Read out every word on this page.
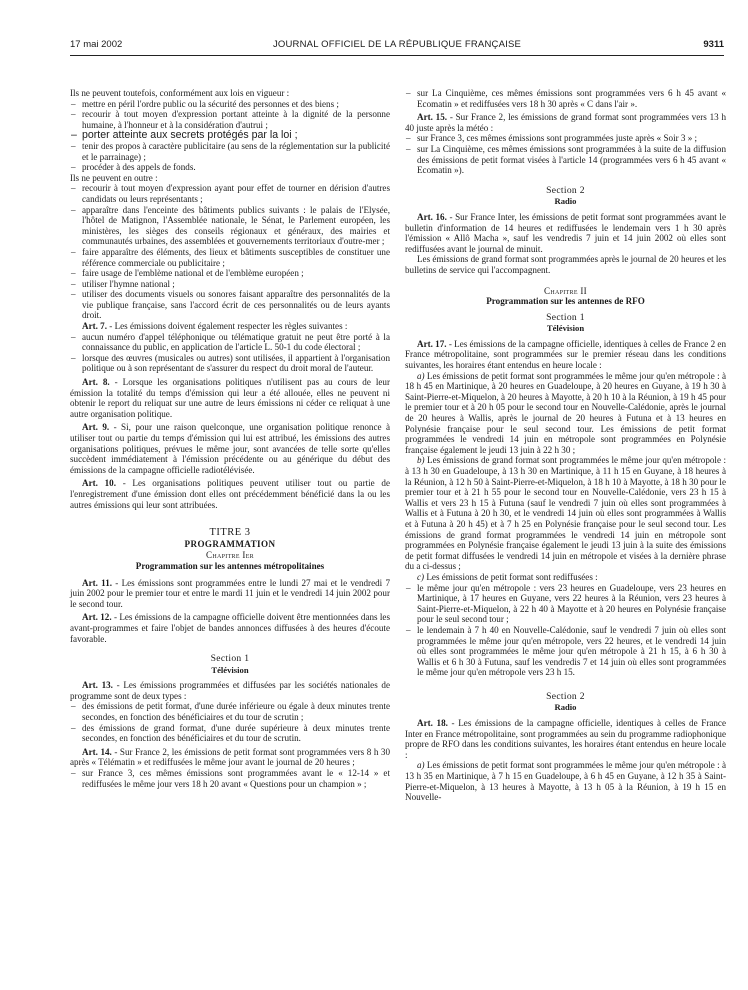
17 mai 2002	JOURNAL OFFICIEL DE LA RÉPUBLIQUE FRANÇAISE	9311

Ils ne peuvent toutefois, conformément aux lois en vigueur :

– mettre en péril l'ordre public ou la sécurité des personnes et des biens ;
– recourir à tout moyen d'expression portant atteinte à la dignité de la personne humaine, à l'honneur et à la considération d'autrui ;
– porter atteinte aux secrets protégés par la loi ;
– tenir des propos à caractère publicitaire (au sens de la réglementation sur la publicité et le parrainage) ;
– procéder à des appels de fonds.

Ils ne peuvent en outre :

– recourir à tout moyen d'expression ayant pour effet de tourner en dérision d'autres candidats ou leurs représentants ;
– apparaître dans l'enceinte des bâtiments publics suivants : le palais de l'Elysée, l'hôtel de Matignon, l'Assemblée nationale, le Sénat, le Parlement européen, les ministères, les sièges des conseils régionaux et généraux, des mairies et communautés urbaines, des assemblées et gouvernements territoriaux d'outre-mer ;
– faire apparaître des éléments, des lieux et bâtiments susceptibles de constituer une référence commerciale ou publicitaire ;
– faire usage de l'emblème national et de l'emblème européen ;
– utiliser l'hymne national ;
– utiliser des documents visuels ou sonores faisant apparaître des personnalités de la vie publique française, sans l'accord écrit de ces personnalités ou de leurs ayants droit.

Art. 7. - Les émissions doivent également respecter les règles suivantes :

– aucun numéro d'appel téléphonique ou télématique gratuit ne peut être porté à la connaissance du public, en application de l'article L. 50-1 du code électoral ;
– lorsque des œuvres (musicales ou autres) sont utilisées, il appartient à l'organisation politique ou à son représentant de s'assurer du respect du droit moral de l'auteur.

Art. 8. - Lorsque les organisations politiques n'utilisent pas au cours de leur émission la totalité du temps d'émission qui leur a été allouée, elles ne peuvent ni obtenir le report du reliquat sur une autre de leurs émissions ni céder ce reliquat à une autre organisation politique.

Art. 9. - Si, pour une raison quelconque, une organisation politique renonce à utiliser tout ou partie du temps d'émission qui lui est attribué, les émissions des autres organisations politiques, prévues le même jour, sont avancées de telle sorte qu'elles succèdent immédiatement à l'émission précédente ou au générique du début des émissions de la campagne officielle radiotélévisée.

Art. 10. - Les organisations politiques peuvent utiliser tout ou partie de l'enregistrement d'une émission dont elles ont précédemment bénéficié dans la ou les autres émissions qui leur sont attribuées.

TITRE 3

PROGRAMMATION

Chapitre Ier

Programmation sur les antennes métropolitaines

Art. 11. - Les émissions sont programmées entre le lundi 27 mai et le vendredi 7 juin 2002 pour le premier tour et entre le mardi 11 juin et le vendredi 14 juin 2002 pour le second tour.

Art. 12. - Les émissions de la campagne officielle doivent être mentionnées dans les avant-programmes et faire l'objet de bandes annonces diffusées à des heures d'écoute favorable.

Section 1

Télévision

Art. 13. - Les émissions programmées et diffusées par les sociétés nationales de programme sont de deux types :

– des émissions de petit format, d'une durée inférieure ou égale à deux minutes trente secondes, en fonction des bénéficiaires et du tour de scrutin ;
– des émissions de grand format, d'une durée supérieure à deux minutes trente secondes, en fonction des bénéficiaires et du tour de scrutin.

Art. 14. - Sur France 2, les émissions de petit format sont programmées vers 8 h 30 après « Télématin » et rediffusées le même jour avant le journal de 20 heures ;

– sur France 3, ces mêmes émissions sont programmées avant le « 12-14 » et rediffusées le même jour vers 18 h 20 avant « Questions pour un champion » ;
– sur La Cinquième, ces mêmes émissions sont programmées vers 6 h 45 avant « Ecomatin » et rediffusées vers 18 h 30 après « C dans l'air ».

Art. 15. - Sur France 2, les émissions de grand format sont programmées vers 13 h 40 juste après la météo :

– sur France 3, ces mêmes émissions sont programmées juste après « Soir 3 » ;
– sur La Cinquième, ces mêmes émissions sont programmées à la suite de la diffusion des émissions de petit format visées à l'article 14 (programmées vers 6 h 45 avant « Ecomatin »).

Section 2

Radio

Art. 16. - Sur France Inter, les émissions de petit format sont programmées avant le bulletin d'information de 14 heures et rediffusées le lendemain vers 1 h 30 après l'émission « Allô Macha », sauf les vendredis 7 juin et 14 juin 2002 où elles sont rediffusées avant le journal de minuit.

Les émissions de grand format sont programmées après le journal de 20 heures et les bulletins de service qui l'accompagnent.

Chapitre II

Programmation sur les antennes de RFO

Section 1

Télévision

Art. 17. - Les émissions de la campagne officielle, identiques à celles de France 2 en France métropolitaine, sont programmées sur le premier réseau dans les conditions suivantes, les horaires étant entendus en heure locale :

a) Les émissions de petit format sont programmées le même jour qu'en métropole : à 18 h 45 en Martinique, à 20 heures en Guadeloupe, à 20 heures en Guyane, à 19 h 30 à Saint-Pierre-et-Miquelon, à 20 heures à Mayotte, à 20 h 10 à la Réunion, à 19 h 45 pour le premier tour et à 20 h 05 pour le second tour en Nouvelle-Calédonie, après le journal de 20 heures à Wallis, après le journal de 20 heures à Futuna et à 13 heures en Polynésie française pour le seul second tour. Les émissions de petit format programmées le vendredi 14 juin en métropole sont programmées en Polynésie française également le jeudi 13 juin à 22 h 30 ;

b) Les émissions de grand format sont programmées le même jour qu'en métropole : à 13 h 30 en Guadeloupe, à 13 h 30 en Martinique, à 11 h 15 en Guyane, à 18 heures à la Réunion, à 12 h 50 à Saint-Pierre-et-Miquelon, à 18 h 10 à Mayotte, à 18 h 30 pour le premier tour et à 21 h 55 pour le second tour en Nouvelle-Calédonie, vers 23 h 15 à Wallis et vers 23 h 15 à Futuna (sauf le vendredi 7 juin où elles sont programmées à Wallis et à Futuna à 20 h 30, et le vendredi 14 juin où elles sont programmées à Wallis et à Futuna à 20 h 45) et à 7 h 25 en Polynésie française pour le seul second tour. Les émissions de grand format programmées le vendredi 14 juin en métropole sont programmées en Polynésie française également le jeudi 13 juin à la suite des émissions de petit format diffusées le vendredi 14 juin en métropole et visées à la dernière phrase du a ci-dessus ;

c) Les émissions de petit format sont rediffusées :

– le même jour qu'en métropole : vers 23 heures en Guadeloupe, vers 23 heures en Martinique, à 17 heures en Guyane, vers 22 heures à la Réunion, vers 23 heures à Saint-Pierre-et-Miquelon, à 22 h 40 à Mayotte et à 20 heures en Polynésie française pour le seul second tour ;
– le lendemain à 7 h 40 en Nouvelle-Calédonie, sauf le vendredi 7 juin où elles sont programmées le même jour qu'en métropole, vers 22 heures, et le vendredi 14 juin où elles sont programmées le même jour qu'en métropole à 21 h 15, à 6 h 30 à Wallis et 6 h 30 à Futuna, sauf les vendredis 7 et 14 juin où elles sont programmées le même jour qu'en métropole vers 23 h 15.

Section 2

Radio

Art. 18. - Les émissions de la campagne officielle, identiques à celles de France Inter en France métropolitaine, sont programmées au sein du programme radiophonique propre de RFO dans les conditions suivantes, les horaires étant entendus en heure locale :

a) Les émissions de petit format sont programmées le même jour qu'en métropole : à 13 h 35 en Martinique, à 7 h 15 en Guadeloupe, à 6 h 45 en Guyane, à 12 h 35 à Saint-Pierre-et-Miquelon, à 13 heures à Mayotte, à 13 h 05 à la Réunion, à 19 h 15 en Nouvelle-
